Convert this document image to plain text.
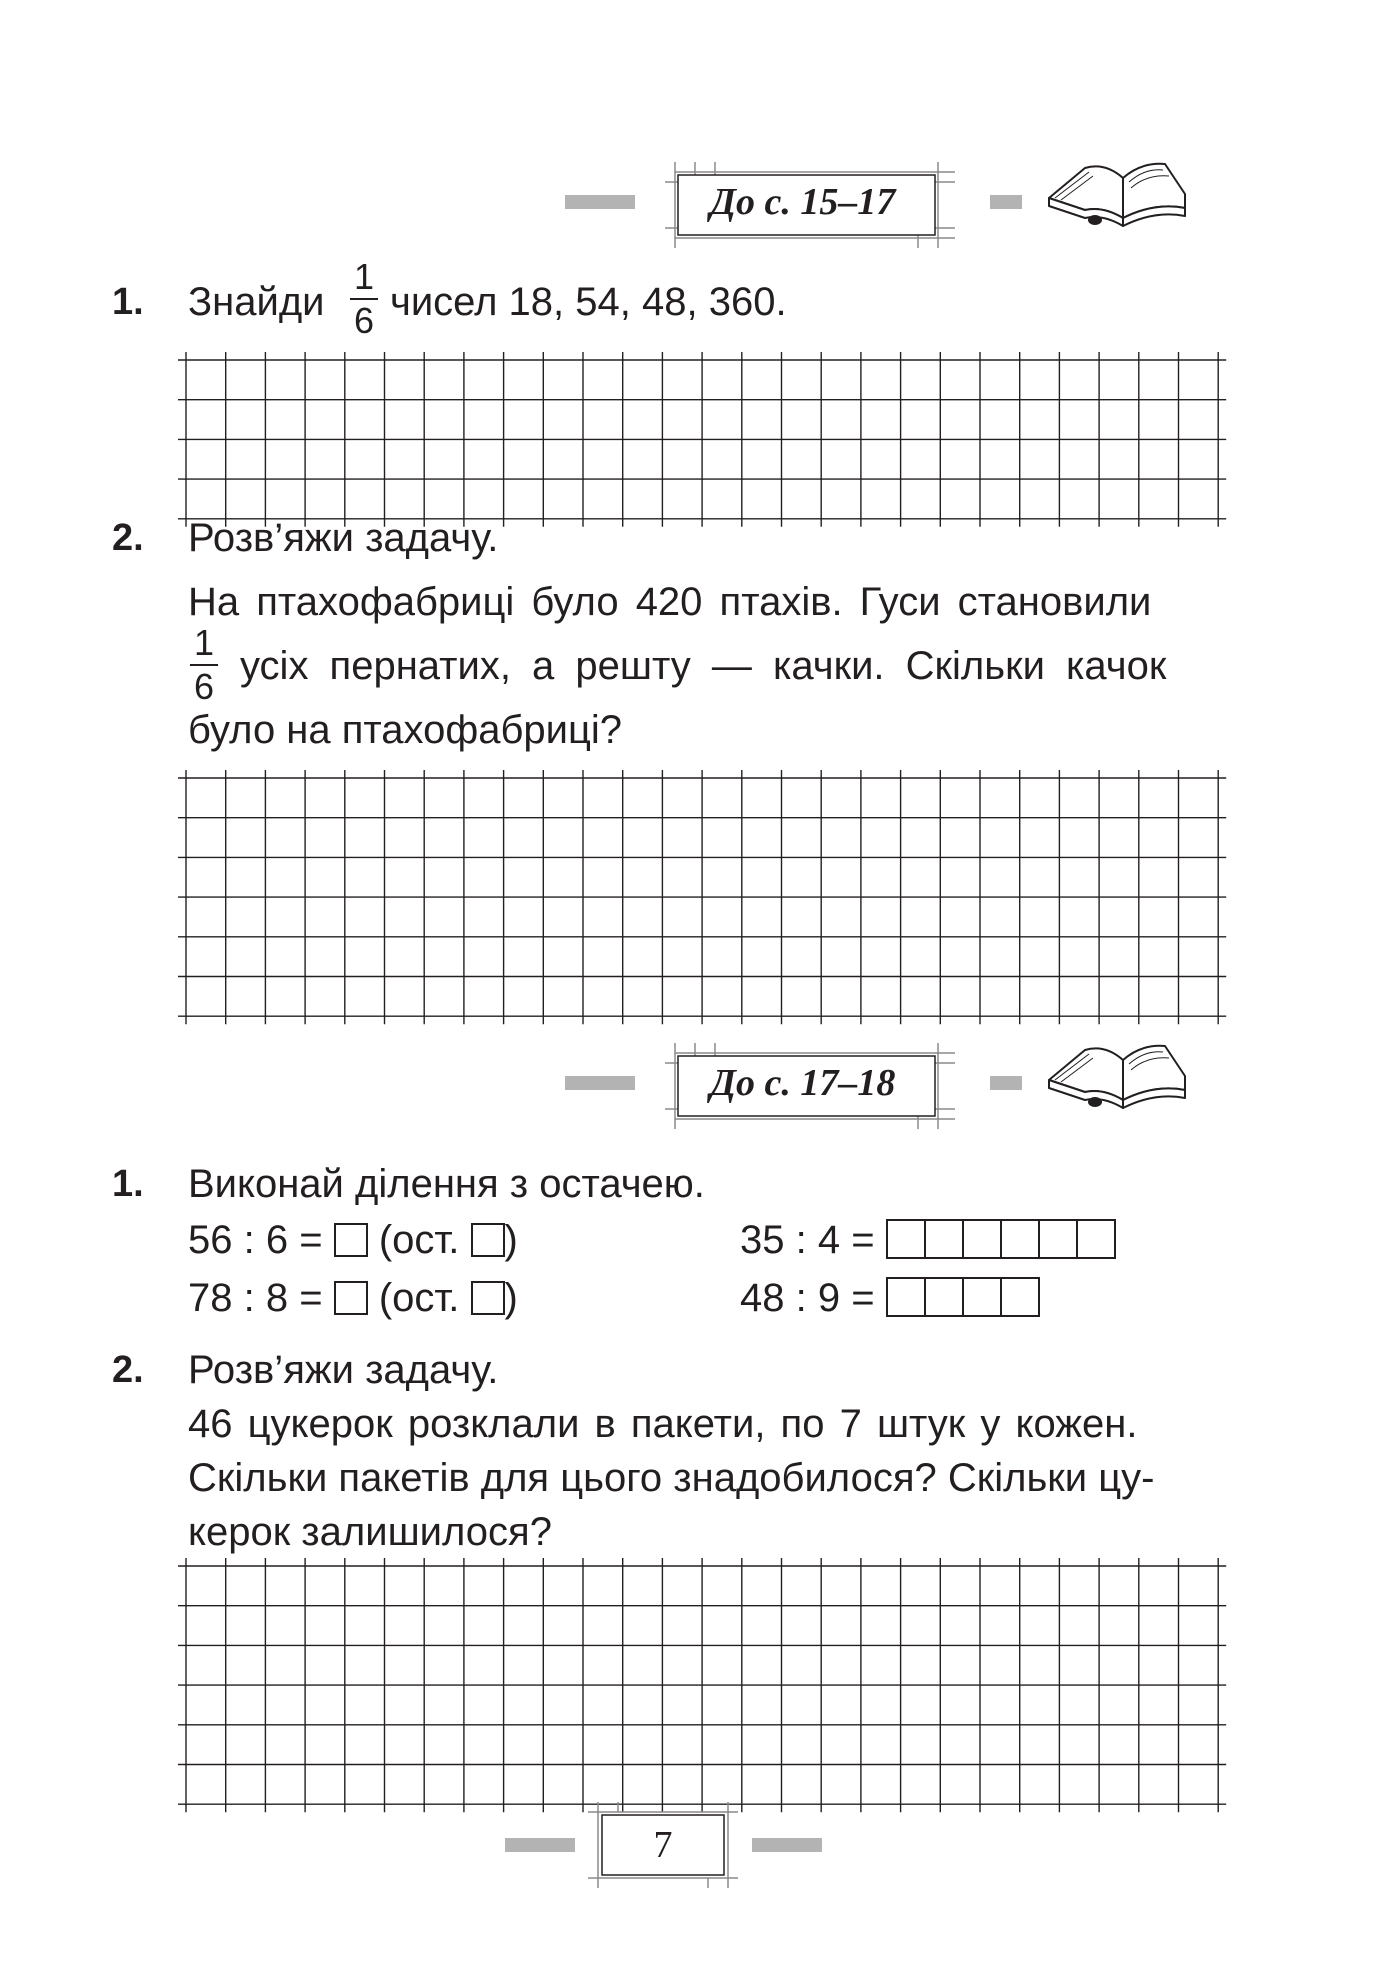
До с. 15–17
1. Знайди
1
6 чисел 18, 54, 48, 360.
2. Розв’яжи задачу.
На птахофабриці було 420 птахів. Гуси становили
1
6 усіх пернатих, а решту — качки. Скільки качок
було на птахофабриці?
До с. 17–18
1. Виконай ділення з остачею.
56 : 6 = (ост. )
78 : 8 = (ост. )
35 : 4 =
48 : 9 =
2. Розв’яжи задачу.
46 цукерок розклали в пакети, по 7 штук у кожен.
Скільки пакетів для цього знадобилося? Скільки цу-
керок залишилося?
7
